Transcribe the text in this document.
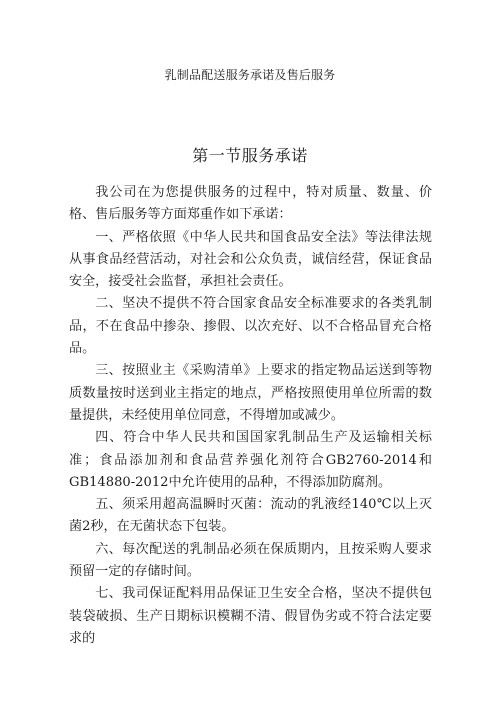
乳制品配送服务承诺及售后服务
第一节服务承诺

我公司在为您提供服务的过程中，特对质量、数量、价格、售后服务等方面郑重作如下承诺：

一、严格依照《中华人民共和国食品安全法》等法律法规从事食品经营活动，对社会和公众负责，诚信经营，保证食品安全，接受社会监督，承担社会责任。

二、坚决不提供不符合国家食品安全标准要求的各类乳制品，不在食品中掺杂、掺假、以次充好、以不合格品冒充合格品。

三、按照业主《采购清单》上要求的指定物品运送到等物质数量按时送到业主指定的地点，严格按照使用单位所需的数量提供，未经使用单位同意，不得增加或减少。

四、符合中华人民共和国国家乳制品生产及运输相关标准；食品添加剂和食品营养强化剂符合GB2760-2014和GB14880-2012中允许使用的品种，不得添加防腐剂。

五、须采用超高温瞬时灭菌：流动的乳液经140℃以上灭菌2秒，在无菌状态下包装。

六、每次配送的乳制品必须在保质期内，且按采购人要求预留一定的存储时间。

七、我司保证配料用品保证卫生安全合格，坚决不提供包装袋破损、生产日期标识模糊不清、假冒伪劣或不符合法定要求的
